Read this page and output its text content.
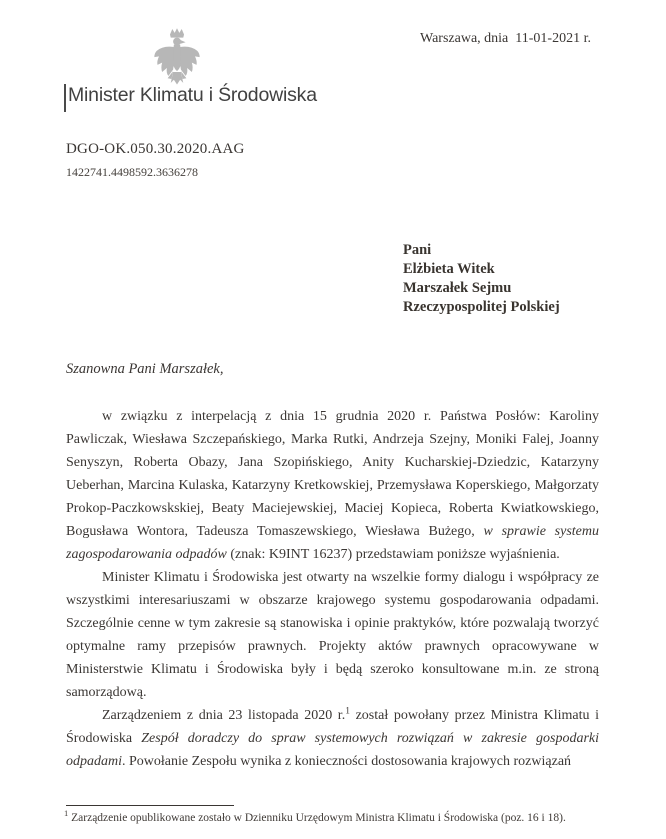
Warszawa, dnia  11-01-2021 r.
Minister Klimatu i Środowiska
DGO-OK.050.30.2020.AAG
1422741.4498592.3636278
Pani
Elżbieta Witek
Marszałek Sejmu
Rzeczypospolitej Polskiej

Szanowna Pani Marszałek,

w związku z interpelacją z dnia 15 grudnia 2020 r. Państwa Posłów: Karoliny Pawliczak, Wiesława Szczepańskiego, Marka Rutki, Andrzeja Szejny, Moniki Falej, Joanny Senyszyn, Roberta Obazy, Jana Szopińskiego, Anity Kucharskiej-Dziedzic, Katarzyny Ueberhan, Marcina Kulaska, Katarzyny Kretkowskiej, Przemysława Koperskiego, Małgorzaty Prokop-Paczkowskskiej, Beaty Maciejewskiej, Maciej Kopieca, Roberta Kwiatkowskiego, Bogusława Wontora, Tadeusza Tomaszewskiego, Wiesława Bużego, w sprawie systemu zagospodarowania odpadów (znak: K9INT 16237) przedstawiam poniższe wyjaśnienia.

Minister Klimatu i Środowiska jest otwarty na wszelkie formy dialogu i współpracy ze wszystkimi interesariuszami w obszarze krajowego systemu gospodarowania odpadami. Szczególnie cenne w tym zakresie są stanowiska i opinie praktyków, które pozwalają tworzyć optymalne ramy przepisów prawnych. Projekty aktów prawnych opracowywane w Ministerstwie Klimatu i Środowiska były i będą szeroko konsultowane m.in. ze stroną samorządową.

Zarządzeniem z dnia 23 listopada 2020 r.$^1$ został powołany przez Ministra Klimatu i Środowiska Zespół doradczy do spraw systemowych rozwiązań w zakresie gospodarki odpadami. Powołanie Zespołu wynika z konieczności dostosowania krajowych rozwiązań

$^1$ Zarządzenie opublikowane zostało w Dzienniku Urzędowym Ministra Klimatu i Środowiska (poz. 16 i 18).
